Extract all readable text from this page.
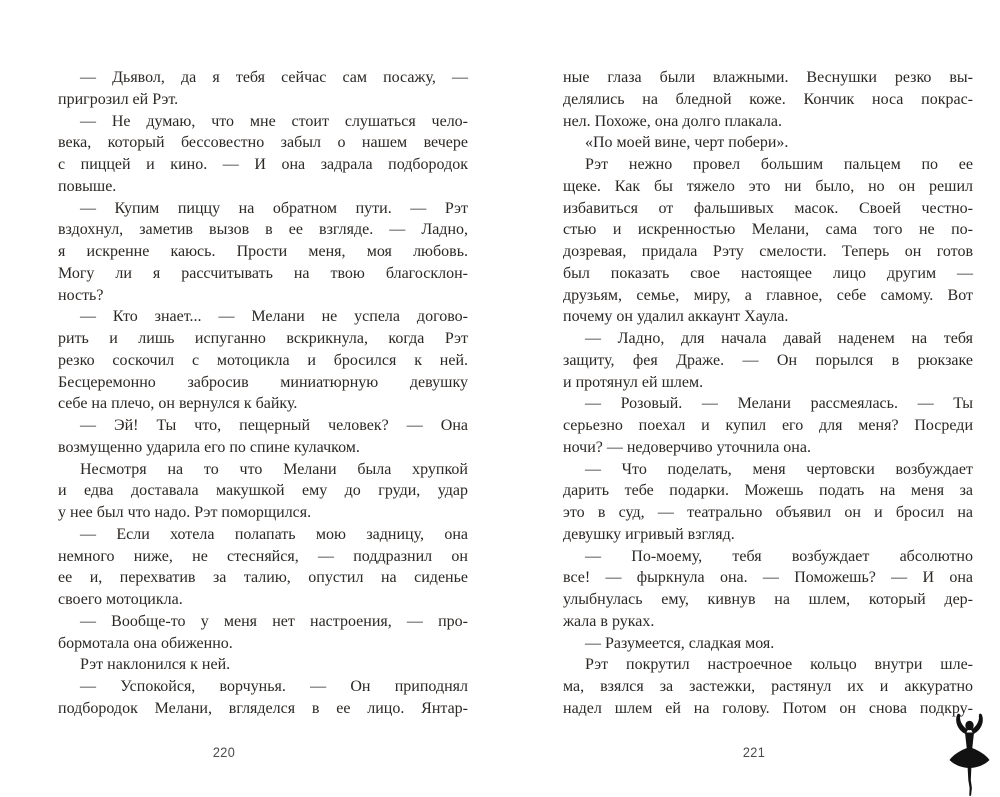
— Дьявол, да я тебя сейчас сам посажу, —
пригрозил ей Рэт.
— Не думаю, что мне стоит слушаться чело-
века, который бессовестно забыл о нашем вечере
с пиццей и кино. — И она задрала подбородок
повыше.
— Купим пиццу на обратном пути. — Рэт
вздохнул, заметив вызов в ее взгляде. — Ладно,
я искренне каюсь. Прости меня, моя любовь.
Могу ли я рассчитывать на твою благосклон-
ность?
— Кто знает... — Мелани не успела догово-
рить и лишь испуганно вскрикнула, когда Рэт
резко соскочил с мотоцикла и бросился к ней.
Бесцеремонно забросив миниатюрную девушку
себе на плечо, он вернулся к байку.
— Эй! Ты что, пещерный человек? — Она
возмущенно ударила его по спине кулачком.
Несмотря на то что Мелани была хрупкой
и едва доставала макушкой ему до груди, удар
у нее был что надо. Рэт поморщился.
— Если хотела полапать мою задницу, она
немного ниже, не стесняйся, — поддразнил он
ее и, перехватив за талию, опустил на сиденье
своего мотоцикла.
— Вообще-то у меня нет настроения, — про-
бормотала она обиженно.
Рэт наклонился к ней.
— Успокойся, ворчунья. — Он приподнял
подбородок Мелани, вгляделся в ее лицо. Янтар-
ные глаза были влажными. Веснушки резко вы-
делялись на бледной коже. Кончик носа покрас-
нел. Похоже, она долго плакала.
«По моей вине, черт побери».
Рэт нежно провел большим пальцем по ее
щеке. Как бы тяжело это ни было, но он решил
избавиться от фальшивых масок. Своей честно-
стью и искренностью Мелани, сама того не по-
дозревая, придала Рэту смелости. Теперь он готов
был показать свое настоящее лицо другим —
друзьям, семье, миру, а главное, себе самому. Вот
почему он удалил аккаунт Хаула.
— Ладно, для начала давай наденем на тебя
защиту, фея Драже. — Он порылся в рюкзаке
и протянул ей шлем.
— Розовый. — Мелани рассмеялась. — Ты
серьезно поехал и купил его для меня? Посреди
ночи? — недоверчиво уточнила она.
— Что поделать, меня чертовски возбуждает
дарить тебе подарки. Можешь подать на меня за
это в суд, — театрально объявил он и бросил на
девушку игривый взгляд.
— По-моему, тебя возбуждает абсолютно
все! — фыркнула она. — Поможешь? — И она
улыбнулась ему, кивнув на шлем, который дер-
жала в руках.
— Разумеется, сладкая моя.
Рэт покрутил настроечное кольцо внутри шле-
ма, взялся за застежки, растянул их и аккуратно
надел шлем ей на голову. Потом он снова подкру-
220	221
